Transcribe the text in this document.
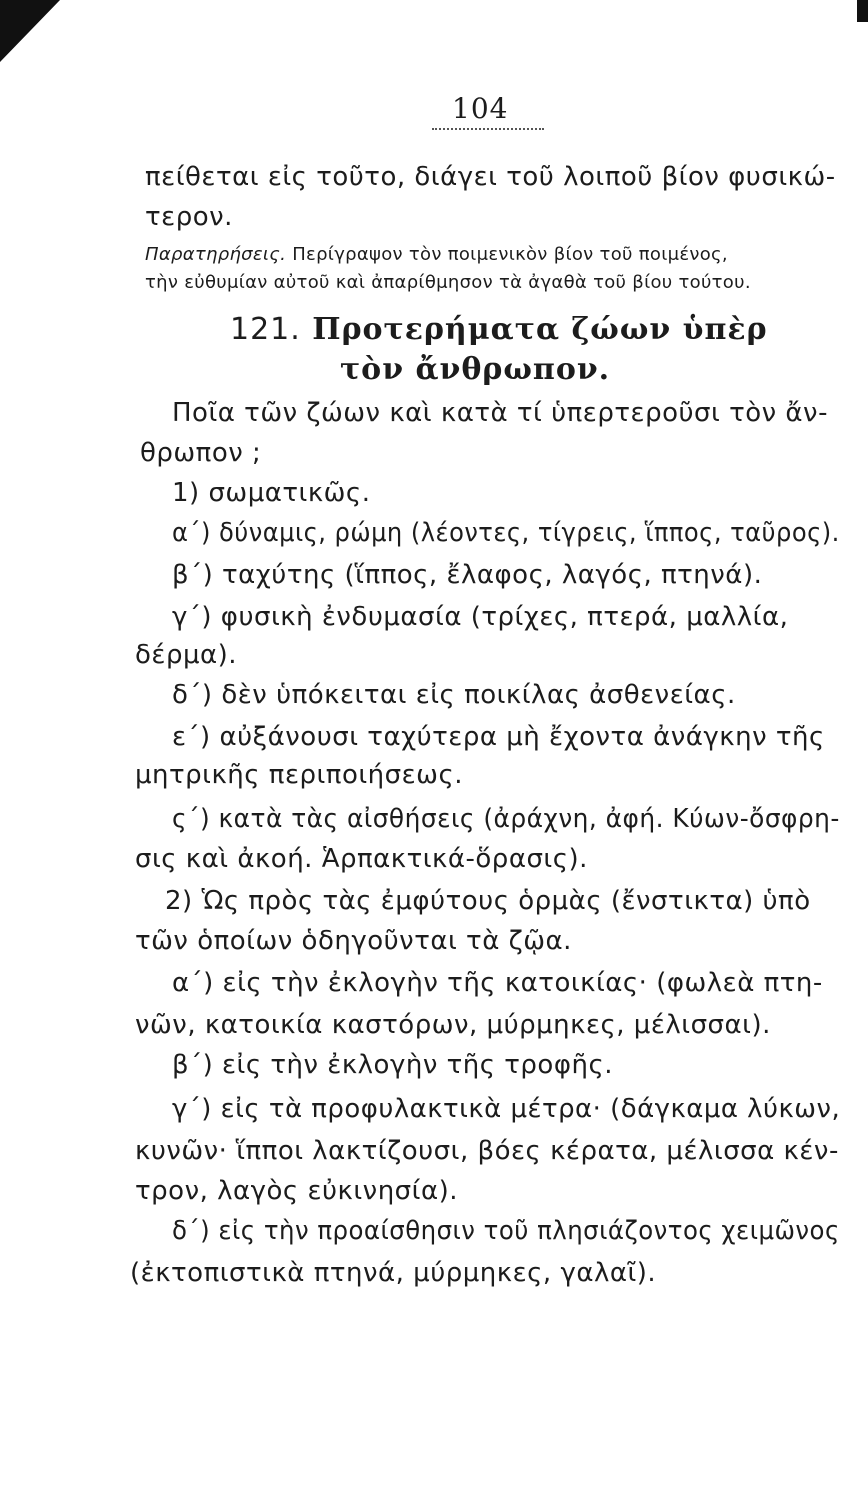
104
πείθεται εἰς τοῦτο, διάγει τοῦ λοιποῦ βίον φυσικώ-
τερον.
Παρατηρήσεις. Περίγραψον τὸν ποιμενικὸν βίον τοῦ ποιμένος,
τὴν εὐθυμίαν αὐτοῦ καὶ ἀπαρίθμησον τὰ ἀγαθὰ τοῦ βίου τούτου.
121. Προτερήματα ζώων ὑπὲρ
τὸν ἄνθρωπον.
Ποῖα τῶν ζώων καὶ κατὰ τί ὑπερτεροῦσι τὸν ἄν-
θρωπον ;
1) σωματικῶς.
α΄) δύναμις, ρώμη (λέοντες, τίγρεις, ἵππος, ταῦρος).
β΄) ταχύτης (ἵππος, ἔλαφος, λαγός, πτηνά).
γ΄) φυσικὴ ἐνδυμασία (τρίχες, πτερά, μαλλία,
δέρμα).
δ΄) δὲν ὑπόκειται εἰς ποικίλας ἀσθενείας.
ε΄) αὐξάνουσι ταχύτερα μὴ ἔχοντα ἀνάγκην τῆς
μητρικῆς περιποιήσεως.
ς΄) κατὰ τὰς αἰσθήσεις (ἀράχνη, ἀφή. Κύων-ὄσφρη-
σις καὶ ἀκοή. Ἁρπακτικά-ὅρασις).
2) Ὡς πρὸς τὰς ἐμφύτους ὁρμὰς (ἔνστικτα) ὑπὸ
τῶν ὁποίων ὁδηγοῦνται τὰ ζῷα.
α΄) εἰς τὴν ἐκλογὴν τῆς κατοικίας· (φωλεὰ πτη-
νῶν, κατοικία καστόρων, μύρμηκες, μέλισσαι).
β΄) εἰς τὴν ἐκλογὴν τῆς τροφῆς.
γ΄) εἰς τὰ προφυλακτικὰ μέτρα· (δάγκαμα λύκων,
κυνῶν· ἵπποι λακτίζουσι, βόες κέρατα, μέλισσα κέν-
τρον, λαγὸς εὐκινησία).
δ΄) εἰς τὴν προαίσθησιν τοῦ πλησιάζοντος χειμῶνος
(ἐκτοπιστικὰ πτηνά, μύρμηκες, γαλαῖ).
